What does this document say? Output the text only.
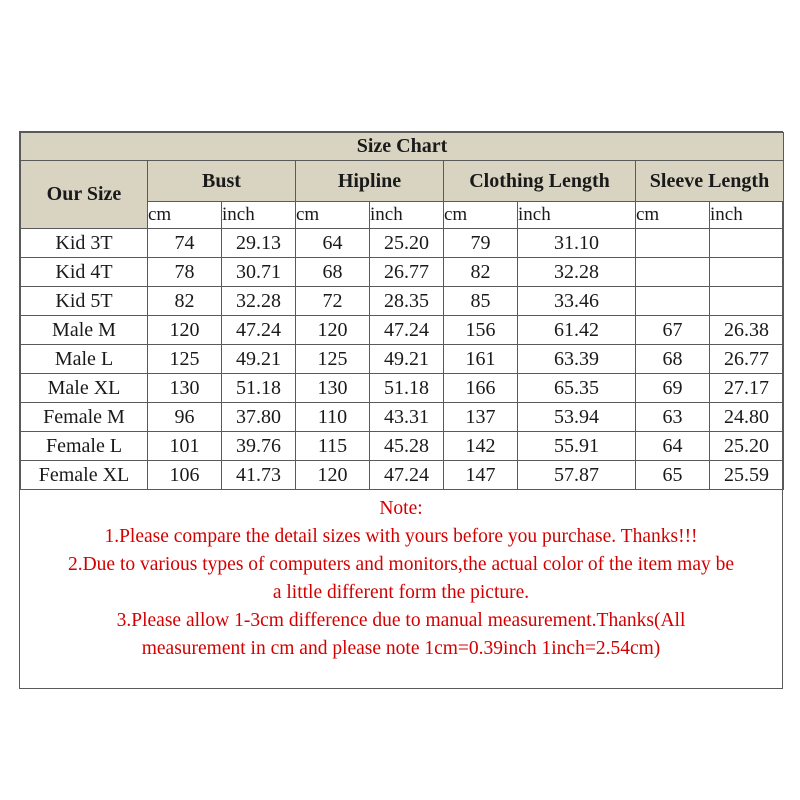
Size Chart								
Our Size	Bust		Hipline		Clothing Length		Sleeve Length	
	cm	inch	cm	inch	cm	inch	cm	inch
Kid 3T	74	29.13	64	25.20	79	31.10		
Kid 4T	78	30.71	68	26.77	82	32.28		
Kid 5T	82	32.28	72	28.35	85	33.46		
Male M	120	47.24	120	47.24	156	61.42	67	26.38
Male L	125	49.21	125	49.21	161	63.39	68	26.77
Male XL	130	51.18	130	51.18	166	65.35	69	27.17
Female M	96	37.80	110	43.31	137	53.94	63	24.80
Female L	101	39.76	115	45.28	142	55.91	64	25.20
Female XL	106	41.73	120	47.24	147	57.87	65	25.59
Note:
1.Please compare the detail sizes with yours before you purchase. Thanks!!!
2.Due to various types of computers and monitors,the actual color of the item may be
a little different form the picture.
3.Please allow 1-3cm difference due to manual measurement.Thanks(All
measurement in cm and please note 1cm=0.39inch 1inch=2.54cm)
